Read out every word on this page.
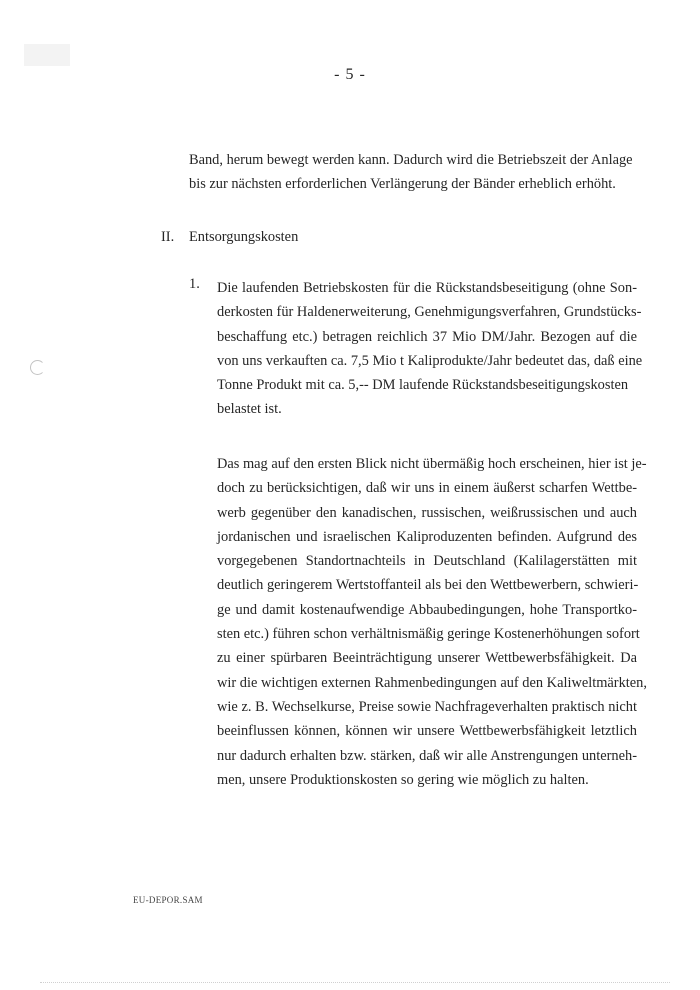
- 5 -
Band, herum bewegt werden kann. Dadurch wird die Betriebszeit der Anlage
bis zur nächsten erforderlichen Verlängerung der Bänder erheblich erhöht.
II. Entsorgungskosten
1. Die laufenden Betriebskosten für die Rückstandsbeseitigung (ohne Son-
derkosten für Haldenerweiterung, Genehmigungsverfahren, Grundstücks-
beschaffung etc.) betragen reichlich 37 Mio DM/Jahr. Bezogen auf die
von uns verkauften ca. 7,5 Mio t Kaliprodukte/Jahr bedeutet das, daß eine
Tonne Produkt mit ca. 5,-- DM laufende Rückstandsbeseitigungskosten
belastet ist.
Das mag auf den ersten Blick nicht übermäßig hoch erscheinen, hier ist je-
doch zu berücksichtigen, daß wir uns in einem äußerst scharfen Wettbe-
werb gegenüber den kanadischen, russischen, weißrussischen und auch
jordanischen und israelischen Kaliproduzenten befinden. Aufgrund des
vorgegebenen Standortnachteils in Deutschland (Kalilagerstätten mit
deutlich geringerem Wertstoffanteil als bei den Wettbewerbern, schwieri-
ge und damit kostenaufwendige Abbaubedingungen, hohe Transportko-
sten etc.) führen schon verhältnismäßig geringe Kostenerhöhungen sofort
zu einer spürbaren Beeinträchtigung unserer Wettbewerbsfähigkeit. Da
wir die wichtigen externen Rahmenbedingungen auf den Kaliweltmärkten,
wie z. B. Wechselkurse, Preise sowie Nachfrageverhalten praktisch nicht
beeinflussen können, können wir unsere Wettbewerbsfähigkeit letztlich
nur dadurch erhalten bzw. stärken, daß wir alle Anstrengungen unterneh-
men, unsere Produktionskosten so gering wie möglich zu halten.
EU-DEPOR.SAM
